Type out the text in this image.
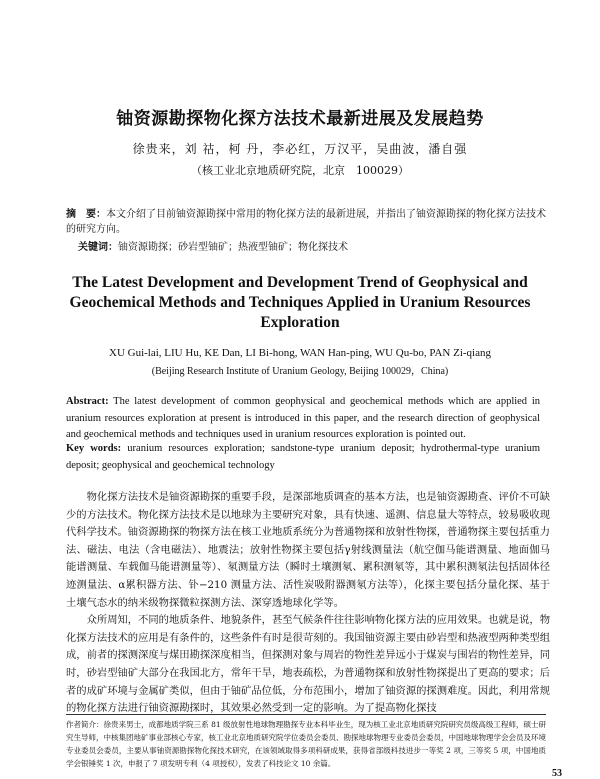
铀资源勘探物化探方法技术最新进展及发展趋势
徐贵来，刘 祜，柯 丹，李必红，万汉平，吴曲波，潘自强
（核工业北京地质研究院，北京　100029）
摘　要：本文介绍了目前铀资源勘探中常用的物化探方法的最新进展，并指出了铀资源勘探的物化探方法技术的研究方向。
关键词：铀资源勘探；砂岩型铀矿；热液型铀矿；物化探技术
The Latest Development and Development Trend of Geophysical and Geochemical Methods and Techniques Applied in Uranium Resources Exploration
XU Gui-lai, LIU Hu, KE Dan, LI Bi-hong, WAN Han-ping, WU Qu-bo, PAN Zi-qiang
(Beijing Research Institute of Uranium Geology, Beijing 100029，China)
Abstract: The latest development of common geophysical and geochemical methods which are applied in uranium resources exploration at present is introduced in this paper, and the research direction of geophysical and geochemical methods and techniques used in uranium resources exploration is pointed out.
Key words: uranium resources exploration; sandstone-type uranium deposit; hydrothermal-type uranium deposit; geophysical and geochemical technology

物化探方法技术是铀资源勘探的重要手段，是深部地质调查的基本方法，也是铀资源勘查、评价不可缺少的方法技术。物化探方法技术是以地球为主要研究对象，具有快速、遥测、信息量大等特点，较易吸收现代科学技术。铀资源勘探的物探方法在核工业地质系统分为普通物探和放射性物探，普通物探主要包括重力法、磁法、电法（含电磁法）、地震法；放射性物探主要包括γ射线测量法（航空伽马能谱测量、地面伽马能谱测量、车载伽马能谱测量等）、氡测量方法（瞬时土壤测氡、累积测氡等，其中累积测氡法包括固体径迹测量法、α累积器方法、钋−210 测量方法、活性炭吸附器测氡方法等），化探主要包括分量化探、基于土壤气态水的纳米级物探微粒探测方法、深穿透地球化学等。

众所周知，不同的地质条件、地貌条件，甚至气候条件往往影响物化探方法的应用效果。也就是说，物化探方法技术的应用是有条件的，这些条件有时是很苛刻的。我国铀资源主要由砂岩型和热液型两种类型组成，前者的探测深度与煤田勘探深度相当，但探测对象与周岩的物性差异远小于煤炭与围岩的物性差异，同时，砂岩型铀矿大部分在我国北方，常年干旱，地表疏松，为普通物探和放射性物探提出了更高的要求；后者的成矿环境与金属矿类似，但由于铀矿品位低，分布范围小，增加了铀资源的探测难度。因此，利用常规的物化探方法进行铀资源勘探时，其效果必然受到一定的影响。为了提高物化探技

作者简介：徐贵来男士，成都地质学院三系 81 级放射性地球物理勘探专业本科毕业生，现为核工业北京地质研究院研究员级高级工程师，硕士研究生导师，中核集团地矿事业部核心专家，核工业北京地质研究院学位委员会委员、勘探地球物理专业委员会委员，中国地球物理学会会员及环境专业委员会委员，主要从事铀资源勘探物化探技术研究，在该领域取得多项科研成果，获得省部级科技进步一等奖 2 项，三等奖 5 项，中国地质学会银锤奖 1 次，申报了 7 项发明专利（4 项授权），发表了科技论文 10 余篇。
53
